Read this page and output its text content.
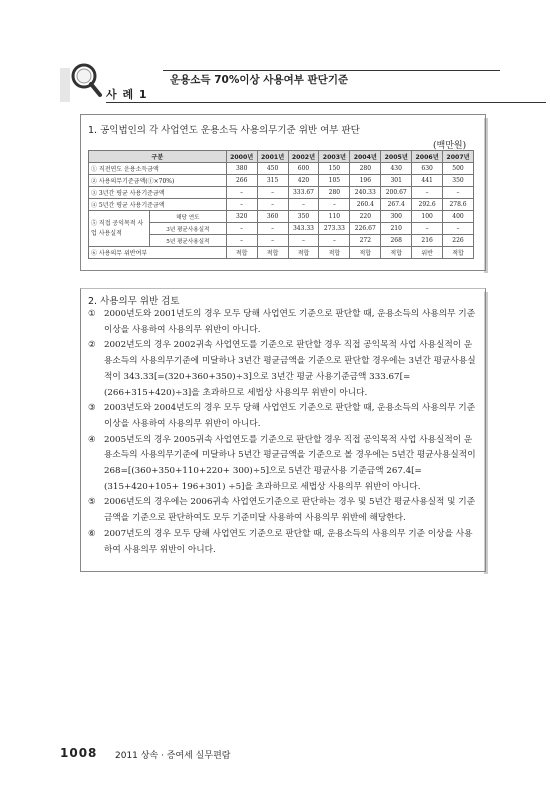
운용소득 70%이상 사용여부 판단기준
사 례 1
1. 공익법인의 각 사업연도 운용소득 사용의무기준 위반 여부 판단
(백만원)
구분		2000년	2001년	2002년	2003년	2004년	2005년	2006년	2007년
① 직전연도 운용소득금액		380	450	600	150	280	430	630	500
② 사용의무기준금액(①×70%)		266	315	420	105	196	301	441	350
③ 3년간 평균 사용기준금액		–	–	333.67	280	240.33	200.67	–	–
④ 5년간 평균 사용기준금액		–	–	–	–	260.4	267.4	292.6	278.6
⑤ 직접 공익목적 사업 사용실적	해당 연도	320	360	350	110	220	300	100	400
	3년 평균사용실적	–	–	343.33	273.33	226.67	210	–	–
	5년 평균사용실적	–	–	–	–	272	268	216	226
⑥ 사용의무 위반여부		적합	적합	적합	적합	적합	적합	위반	적합
2. 사용의무 위반 검토

① 2000년도와 2001년도의 경우 모두 당해 사업연도 기준으로 판단할 때, 운용소득의 사용의무 기준이상을 사용하여 사용의무 위반이 아니다.

② 2002년도의 경우 2002귀속 사업연도를 기준으로 판단할 경우 직접 공익목적 사업 사용실적이 운용소득의 사용의무기준에 미달하나 3년간 평균금액을 기준으로 판단할 경우에는 3년간 평균사용실적이 343.33[=(320+360+350)÷3]으로 3년간 평균 사용기준금액 333.67[=(266+315+420)÷3]을 초과하므로 세법상 사용의무 위반이 아니다.

③ 2003년도와 2004년도의 경우 모두 당해 사업연도 기준으로 판단할 때, 운용소득의 사용의무 기준이상을 사용하여 사용의무 위반이 아니다.

④ 2005년도의 경우 2005귀속 사업연도를 기준으로 판단할 경우 직접 공익목적 사업 사용실적이 운용소득의 사용의무기준에 미달하나 5년간 평균금액을 기준으로 볼 경우에는 5년간 평균사용실적이 268=[(360+350+110+220+ 300)÷5]으로 5년간 평균사용 기준금액 267.4[=(315+420+105+ 196+301) ÷5]을 초과하므로 세법상 사용의무 위반이 아니다.

⑤ 2006년도의 경우에는 2006귀속 사업연도기준으로 판단하는 경우 및 5년간 평균사용실적 및 기준금액을 기준으로 판단하여도 모두 기준미달 사용하여 사용의무 위반에 해당한다.

⑥ 2007년도의 경우 모두 당해 사업연도 기준으로 판단할 때, 운용소득의 사용의무 기준 이상을 사용하여 사용의무 위반이 아니다.

1008 2011 상속 · 증여세 실무편람
